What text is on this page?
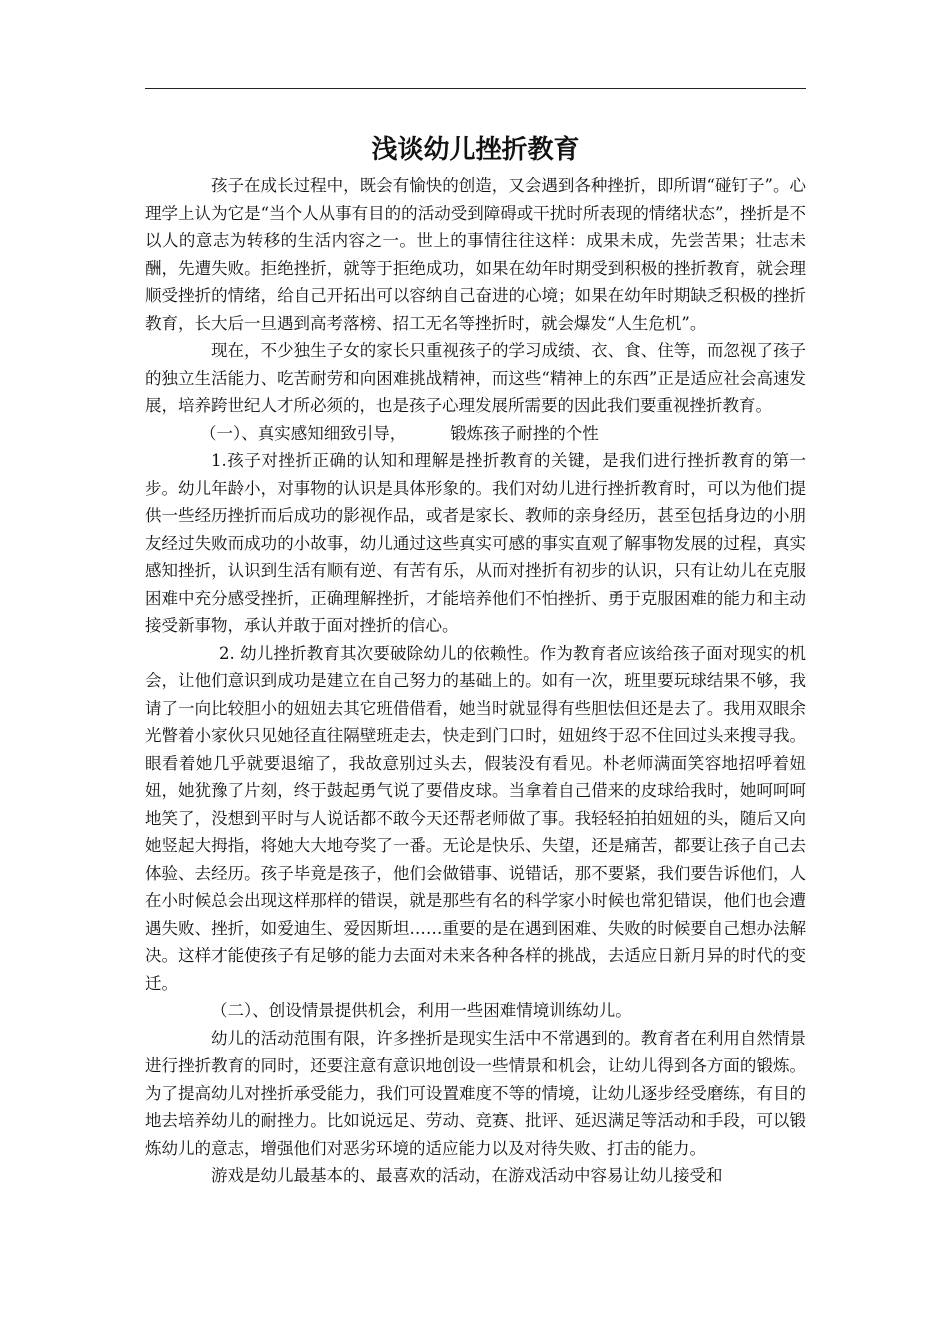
浅谈幼儿挫折教育

孩子在成长过程中，既会有愉快的创造，又会遇到各种挫折，即所谓“碰钉子”。心理学上认为它是“当个人从事有目的的活动受到障碍或干扰时所表现的情绪状态”，挫折是不以人的意志为转移的生活内容之一。世上的事情往往这样：成果未成，先尝苦果；壮志未酬，先遭失败。拒绝挫折，就等于拒绝成功，如果在幼年时期受到积极的挫折教育，就会理顺受挫折的情绪，给自己开拓出可以容纳自己奋进的心境；如果在幼年时期缺乏积极的挫折教育，长大后一旦遇到高考落榜、招工无名等挫折时，就会爆发“人生危机”。

现在，不少独生子女的家长只重视孩子的学习成绩、衣、食、住等，而忽视了孩子的独立生活能力、吃苦耐劳和向困难挑战精神，而这些“精神上的东西”正是适应社会高速发展，培养跨世纪人才所必须的，也是孩子心理发展所需要的因此我们要重视挫折教育。

（一）、真实感知细致引导，	锻炼孩子耐挫的个性

1.孩子对挫折正确的认知和理解是挫折教育的关键，是我们进行挫折教育的第一步。幼儿年龄小，对事物的认识是具体形象的。我们对幼儿进行挫折教育时，可以为他们提供一些经历挫折而后成功的影视作品，或者是家长、教师的亲身经历，甚至包括身边的小朋友经过失败而成功的小故事，幼儿通过这些真实可感的事实直观了解事物发展的过程，真实感知挫折，认识到生活有顺有逆、有苦有乐，从而对挫折有初步的认识，只有让幼儿在克服困难中充分感受挫折，正确理解挫折，才能培养他们不怕挫折、勇于克服困难的能力和主动接受新事物，承认并敢于面对挫折的信心。

2. 幼儿挫折教育其次要破除幼儿的依赖性。作为教育者应该给孩子面对现实的机会，让他们意识到成功是建立在自己努力的基础上的。如有一次，班里要玩球结果不够，我请了一向比较胆小的妞妞去其它班借借看，她当时就显得有些胆怯但还是去了。我用双眼余光瞥着小家伙只见她径直往隔壁班走去，快走到门口时，妞妞终于忍不住回过头来搜寻我。眼看着她几乎就要退缩了，我故意别过头去，假装没有看见。朴老师满面笑容地招呼着妞妞，她犹豫了片刻，终于鼓起勇气说了要借皮球。当拿着自己借来的皮球给我时，她呵呵呵地笑了，没想到平时与人说话都不敢今天还帮老师做了事。我轻轻拍拍妞妞的头，随后又向她竖起大拇指，将她大大地夸奖了一番。无论是快乐、失望，还是痛苦，都要让孩子自己去体验、去经历。孩子毕竟是孩子，他们会做错事、说错话，那不要紧，我们要告诉他们，人在小时候总会出现这样那样的错误，就是那些有名的科学家小时候也常犯错误，他们也会遭遇失败、挫折，如爱迪生、爱因斯坦……重要的是在遇到困难、失败的时候要自己想办法解决。这样才能使孩子有足够的能力去面对未来各种各样的挑战，去适应日新月异的时代的变迁。

（二）、创设情景提供机会，利用一些困难情境训练幼儿。

幼儿的活动范围有限，许多挫折是现实生活中不常遇到的。教育者在利用自然情景进行挫折教育的同时，还要注意有意识地创设一些情景和机会，让幼儿得到各方面的锻炼。为了提高幼儿对挫折承受能力，我们可设置难度不等的情境，让幼儿逐步经受磨练，有目的地去培养幼儿的耐挫力。比如说远足、劳动、竞赛、批评、延迟满足等活动和手段，可以锻炼幼儿的意志，增强他们对恶劣环境的适应能力以及对待失败、打击的能力。

游戏是幼儿最基本的、最喜欢的活动，在游戏活动中容易让幼儿接受和
